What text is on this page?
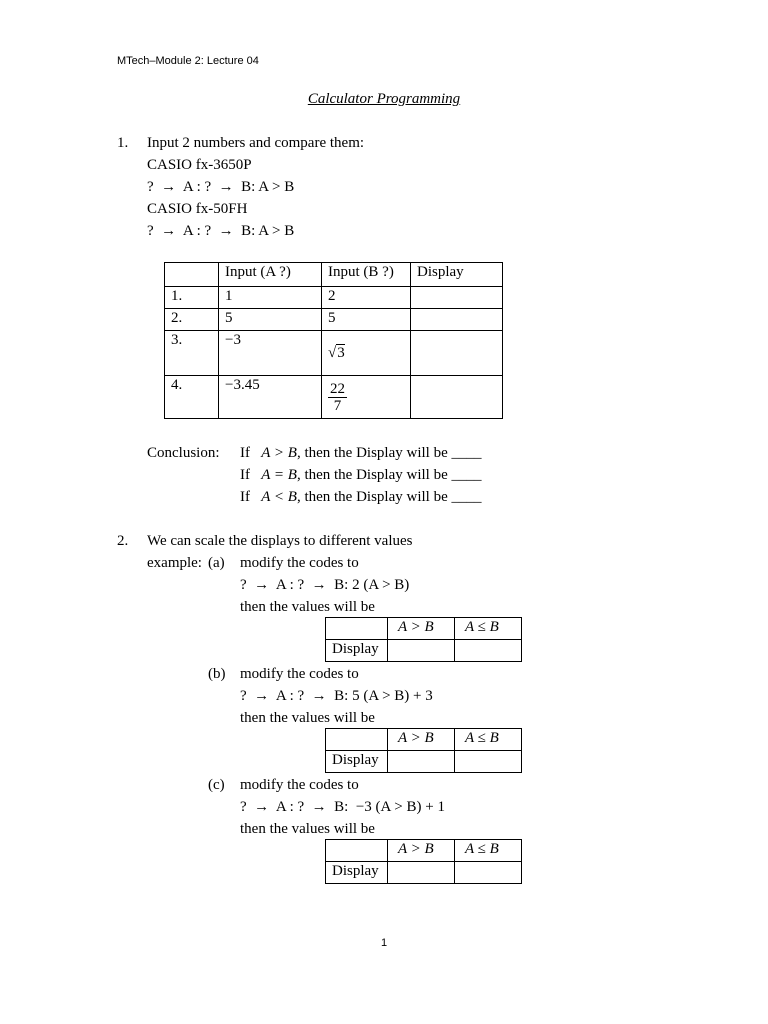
MTech–Module 2: Lecture 04
Calculator Programming
1. Input 2 numbers and compare them:
CASIO fx-3650P
?  →  A : ?  →  B: A > B
CASIO fx-50FH
?  →  A : ?  →  B: A > B
	Input (A ?)	Input (B ?)	Display
1.	1	2	
2.	5	5	
3.	−3	√3	
4.	−3.45	$\frac{22}{7}$

Conclusion: If A > B, then the Display will be ____
If A = B, then the Display will be ____
If A < B, then the Display will be ____
2. We can scale the displays to different values
example: (a) modify the codes to
?  →  A : ?  →  B: 2 (A > B)
then the values will be
	A > B	A ≤ B
Display		
(b) modify the codes to
?  →  A : ?  →  B: 5 (A > B) + 3
then the values will be
	A > B	A ≤ B
Display		
(c) modify the codes to
?  →  A : ?  →  B:  −3 (A > B) + 1
then the values will be
	A > B	A ≤ B
Display		
1
